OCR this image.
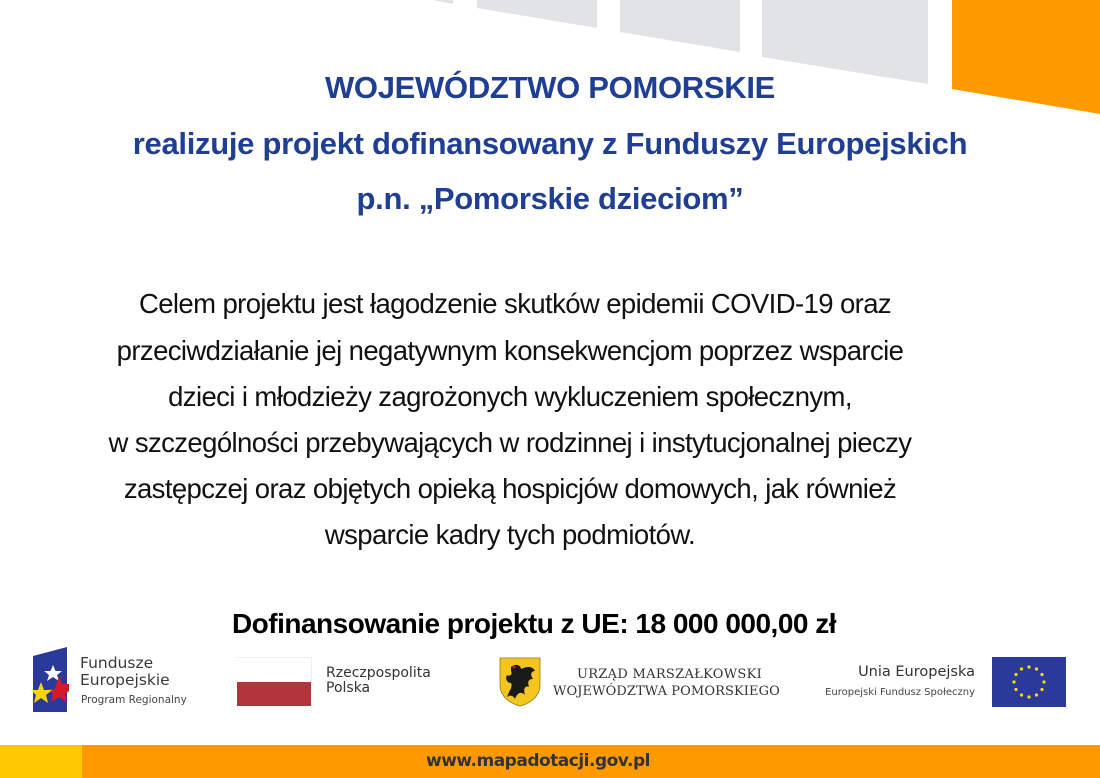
WOJEWÓDZTWO POMORSKIE
realizuje projekt dofinansowany z Funduszy Europejskich
p.n. „Pomorskie dzieciom”
Celem projektu jest łagodzenie skutków epidemii COVID-19 oraz
przeciwdziałanie jej negatywnym konsekwencjom poprzez wsparcie
dzieci i młodzieży zagrożonych wykluczeniem społecznym,
w szczególności przebywających w rodzinnej i instytucjonalnej pieczy
zastępczej oraz objętych opieką hospicjów domowych, jak również
wsparcie kadry tych podmiotów.
Dofinansowanie projektu z UE: 18 000 000,00 zł
Fundusze
Europejskie
Program Regionalny
Rzeczpospolita
Polska
URZĄD MARSZAŁKOWSKI
WOJEWÓDZTWA POMORSKIEGO
Unia Europejska
Europejski Fundusz Społeczny
www.mapadotacji.gov.pl
